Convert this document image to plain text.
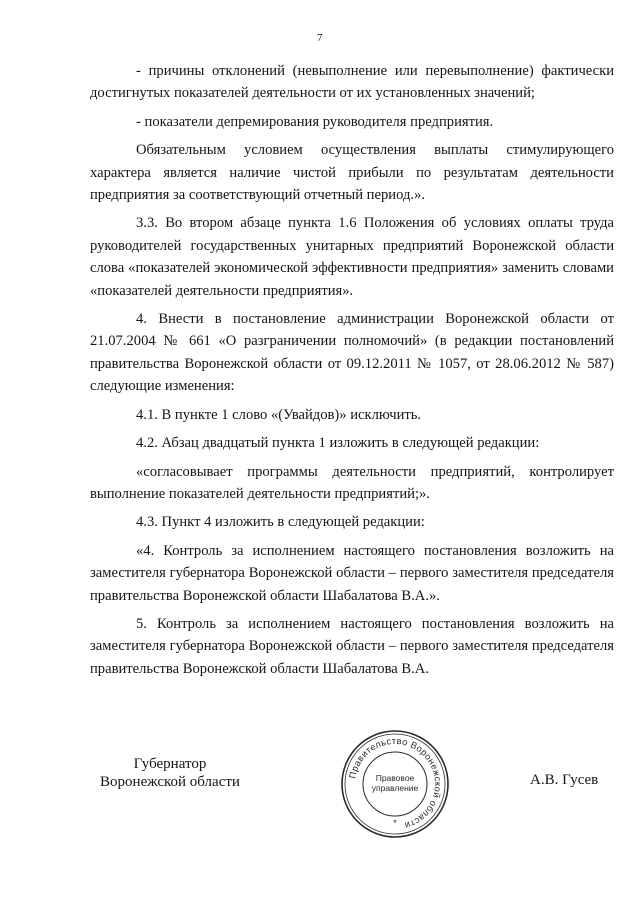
7

- причины отклонений (невыполнение или перевыполнение) фактически достигнутых показателей деятельности от их установленных значений;

- показатели депремирования руководителя предприятия.

Обязательным условием осуществления выплаты стимулирующего характера является наличие чистой прибыли по результатам деятельности предприятия за соответствующий отчетный период.».

3.3. Во втором абзаце пункта 1.6 Положения об условиях оплаты труда руководителей государственных унитарных предприятий Воронежской области слова «показателей экономической эффективности предприятия» заменить словами «показателей деятельности предприятия».

4. Внести в постановление администрации Воронежской области от 21.07.2004 № 661 «О разграничении полномочий» (в редакции постановлений правительства Воронежской области от 09.12.2011 № 1057, от 28.06.2012 № 587) следующие изменения:

4.1. В пункте 1 слово «(Увайдов)» исключить.

4.2. Абзац двадцатый пункта 1 изложить в следующей редакции:

«согласовывает программы деятельности предприятий, контролирует выполнение показателей деятельности предприятий;».

4.3. Пункт 4 изложить в следующей редакции:

«4. Контроль за исполнением настоящего постановления возложить на заместителя губернатора Воронежской области – первого заместителя председателя правительства Воронежской области Шабалатова В.А.».

5. Контроль за исполнением настоящего постановления возложить на заместителя губернатора Воронежской области – первого заместителя председателя правительства Воронежской области Шабалатова В.А.

Губернатор
Воронежской области	Правительство Воронежской области
Правовое
управление
*
А.В. Гусев
